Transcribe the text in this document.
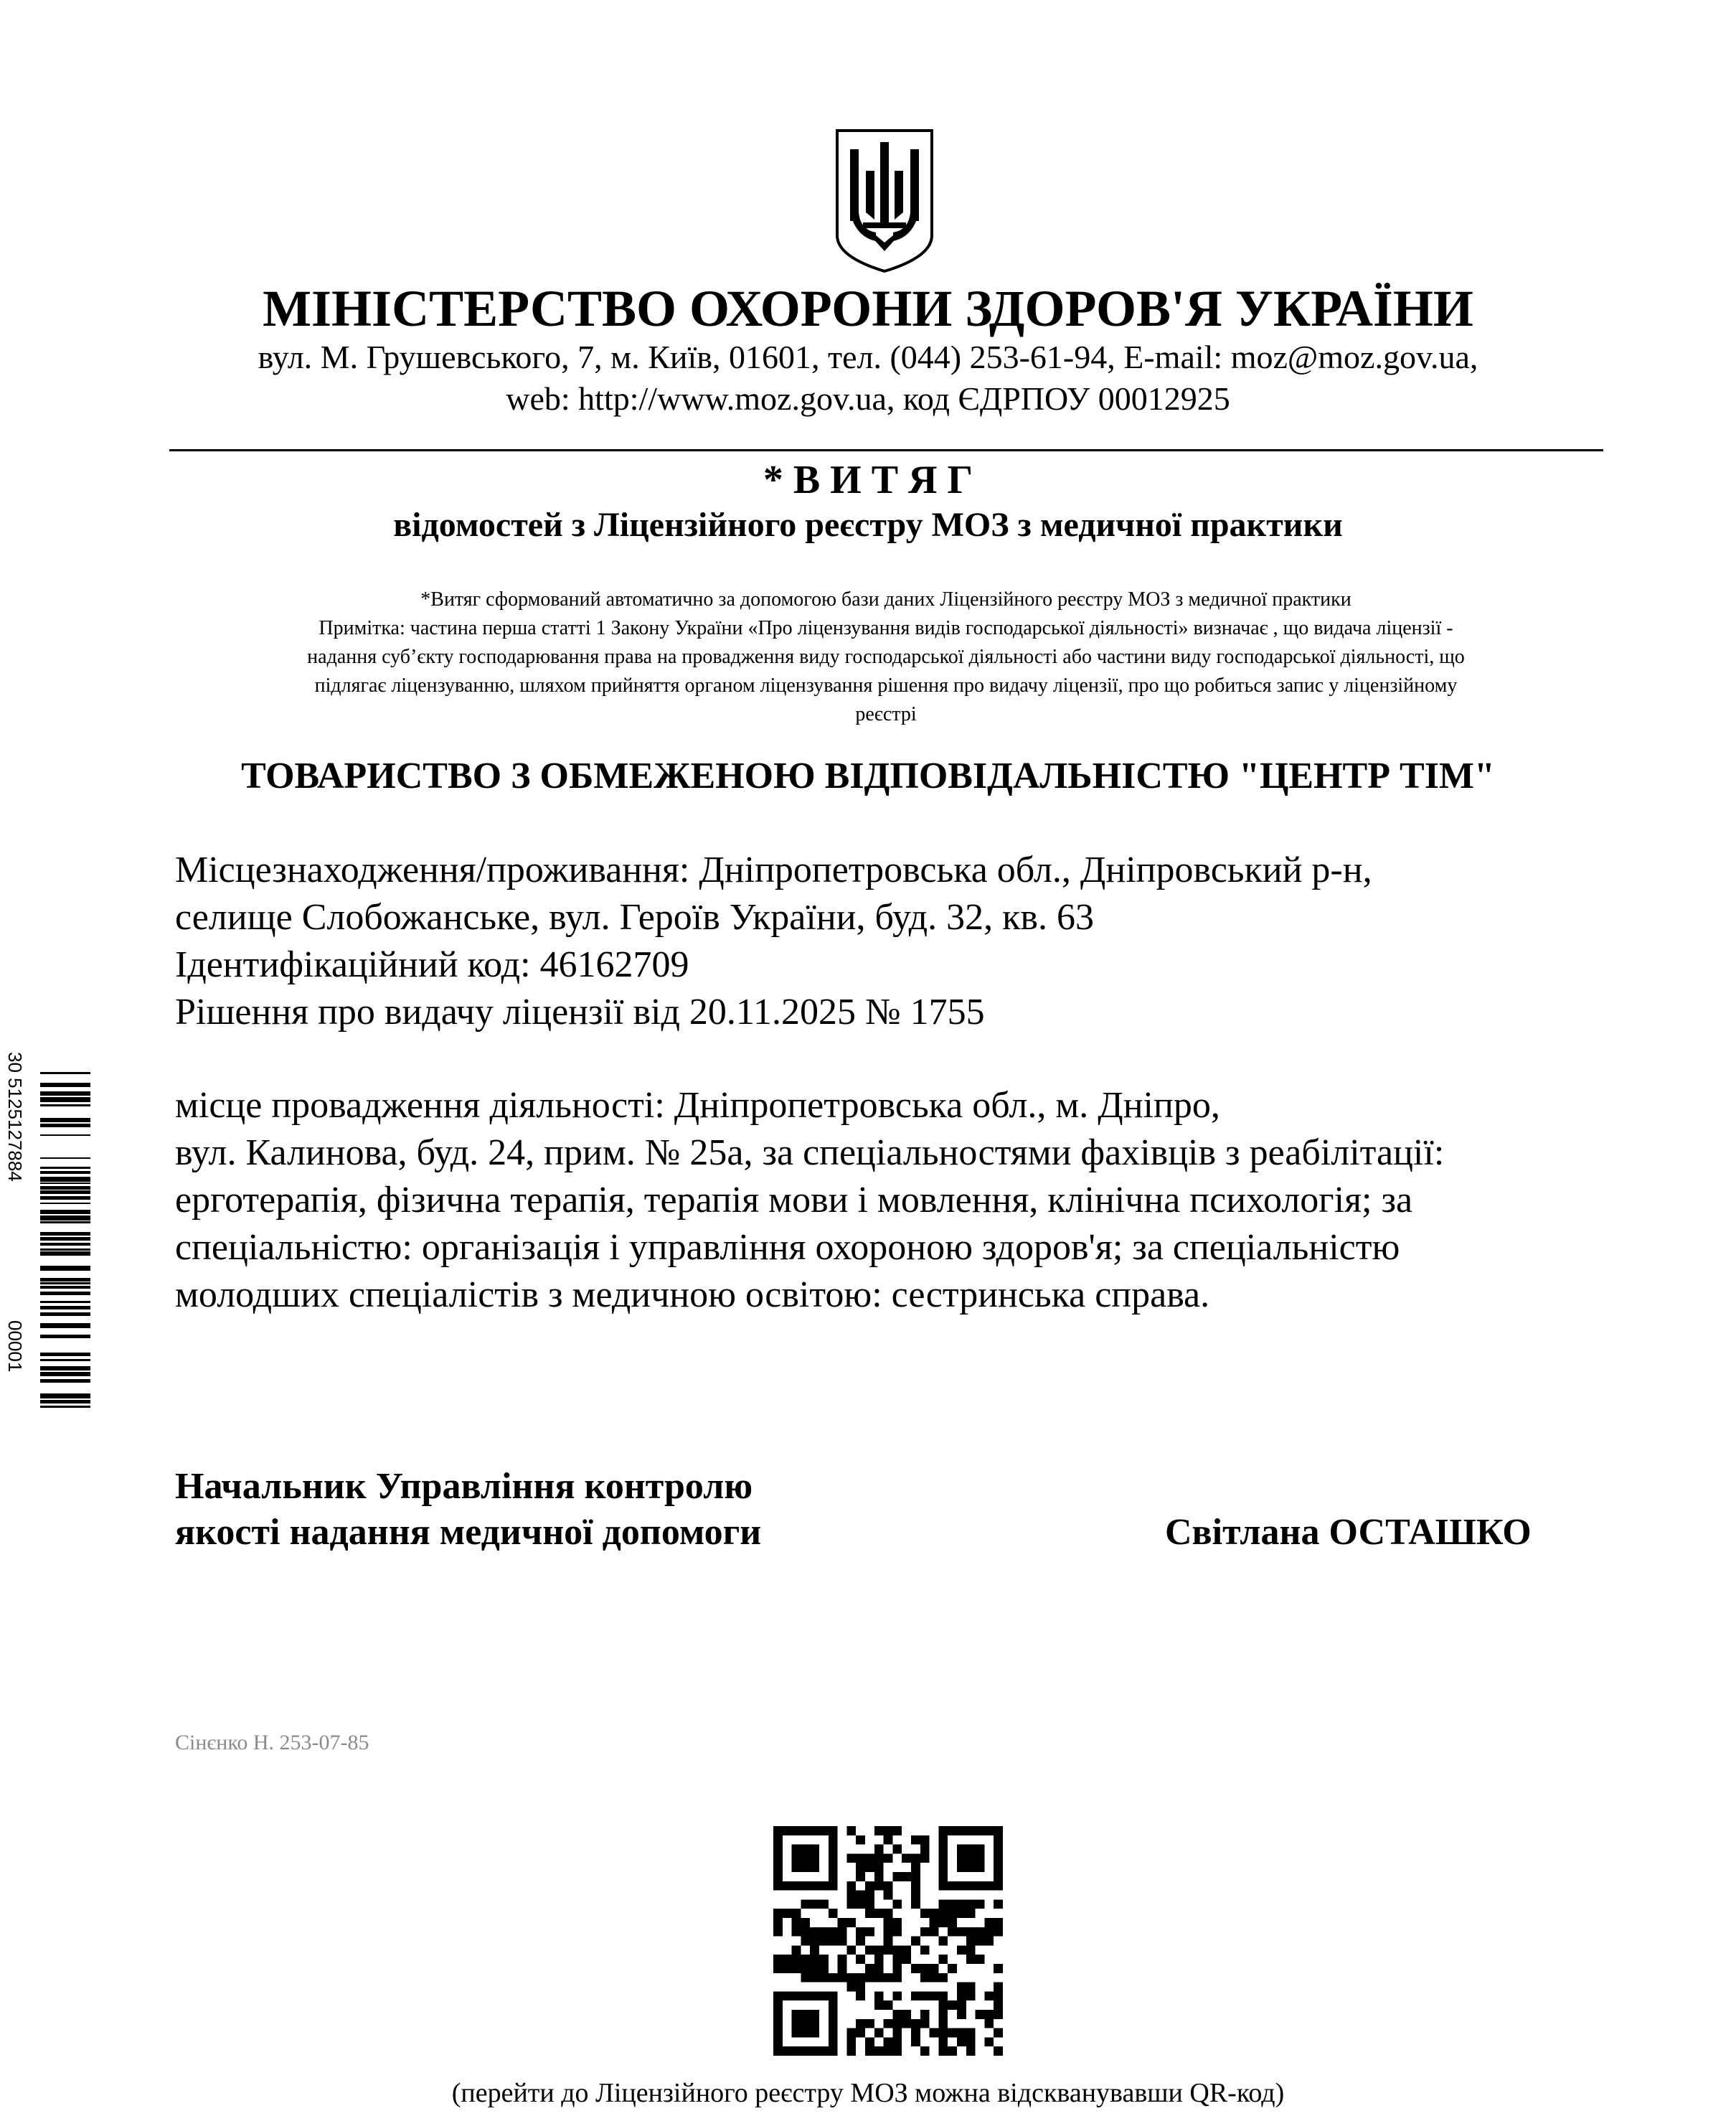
МІНІСТЕРСТВО ОХОРОНИ ЗДОРОВ'Я УКРАЇНИ
вул. М. Грушевського, 7, м. Київ, 01601, тел. (044) 253-61-94, E-mail: moz@moz.gov.ua,
web: http://www.moz.gov.ua, код ЄДРПОУ 00012925
* В И Т Я Г
відомостей з Ліцензійного реєстру МОЗ з медичної практики
*Витяг сформований автоматично за допомогою бази даних Ліцензійного реєстру МОЗ з медичної практики
Примітка: частина перша статті 1 Закону України «Про ліцензування видів господарської діяльності» визначає , що видача ліцензії -
надання суб’єкту господарювання права на провадження виду господарської діяльності або частини виду господарської діяльності, що
підлягає ліцензуванню, шляхом прийняття органом ліцензування рішення про видачу ліцензії, про що робиться запис у ліцензійному
реєстрі
ТОВАРИСТВО З ОБМЕЖЕНОЮ ВІДПОВІДАЛЬНІСТЮ "ЦЕНТР ТІМ"
Місцезнаходження/проживання: Дніпропетровська обл., Дніпровський р-н,
селище Слобожанське, вул. Героїв України, буд. 32, кв. 63
Ідентифікаційний код: 46162709
Рішення про видачу ліцензії від 20.11.2025 № 1755
місце провадження діяльності: Дніпропетровська обл., м. Дніпро,
вул. Калинова, буд. 24, прим. № 25а, за спеціальностями фахівців з реабілітації:
ерготерапія, фізична терапія, терапія мови і мовлення, клінічна психологія; за
спеціальністю: організація і управління охороною здоров'я; за спеціальністю
молодших спеціалістів з медичною освітою: сестринська справа.
Начальник Управління контролю
якості надання медичної допомоги	Світлана ОСТАШКО
Сінєнко Н. 253-07-85
(перейти до Ліцензійного реєстру МОЗ можна відскванувавши QR-код)
30 5125127884
00001
